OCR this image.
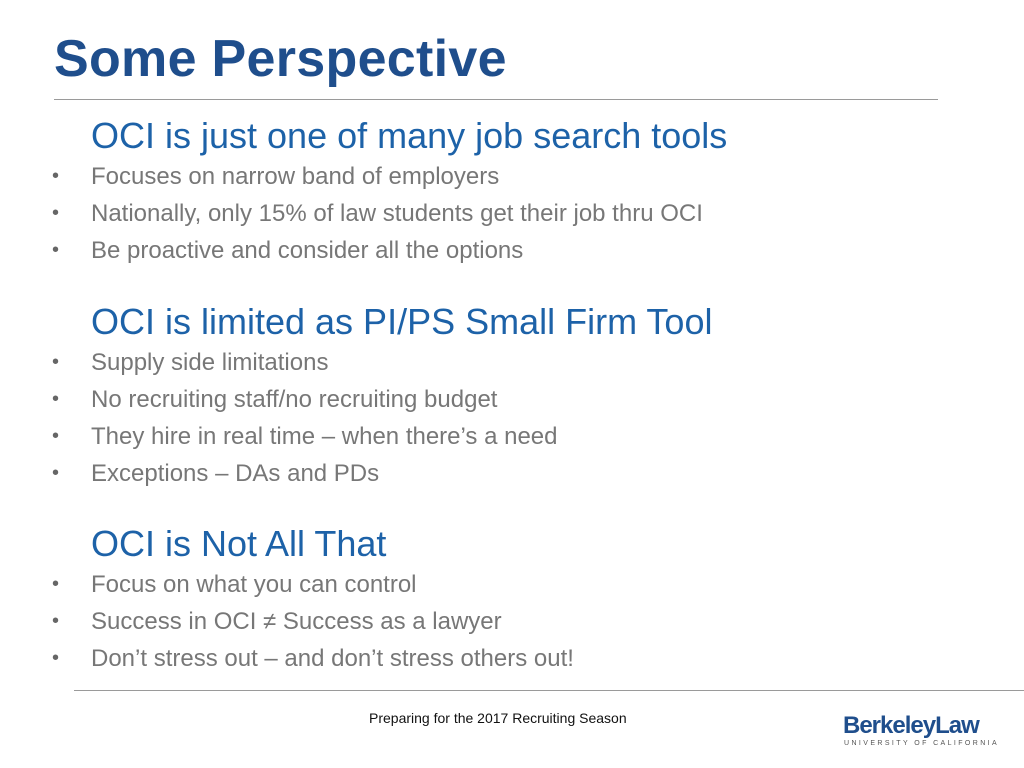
Some Perspective
OCI is just one of many job search tools
• Focuses on narrow band of employers
• Nationally, only 15% of law students get their job thru OCI
• Be proactive and consider all the options
OCI is limited as PI/PS Small Firm Tool
• Supply side limitations
• No recruiting staff/no recruiting budget
• They hire in real time – when there’s a need
• Exceptions – DAs and PDs
OCI is Not All That
• Focus on what you can control
• Success in OCI ≠ Success as a lawyer
• Don’t stress out – and don’t stress others out!
Preparing for the 2017 Recruiting Season	BerkeleyLaw
UNIVERSITY OF CALIFORNIA
